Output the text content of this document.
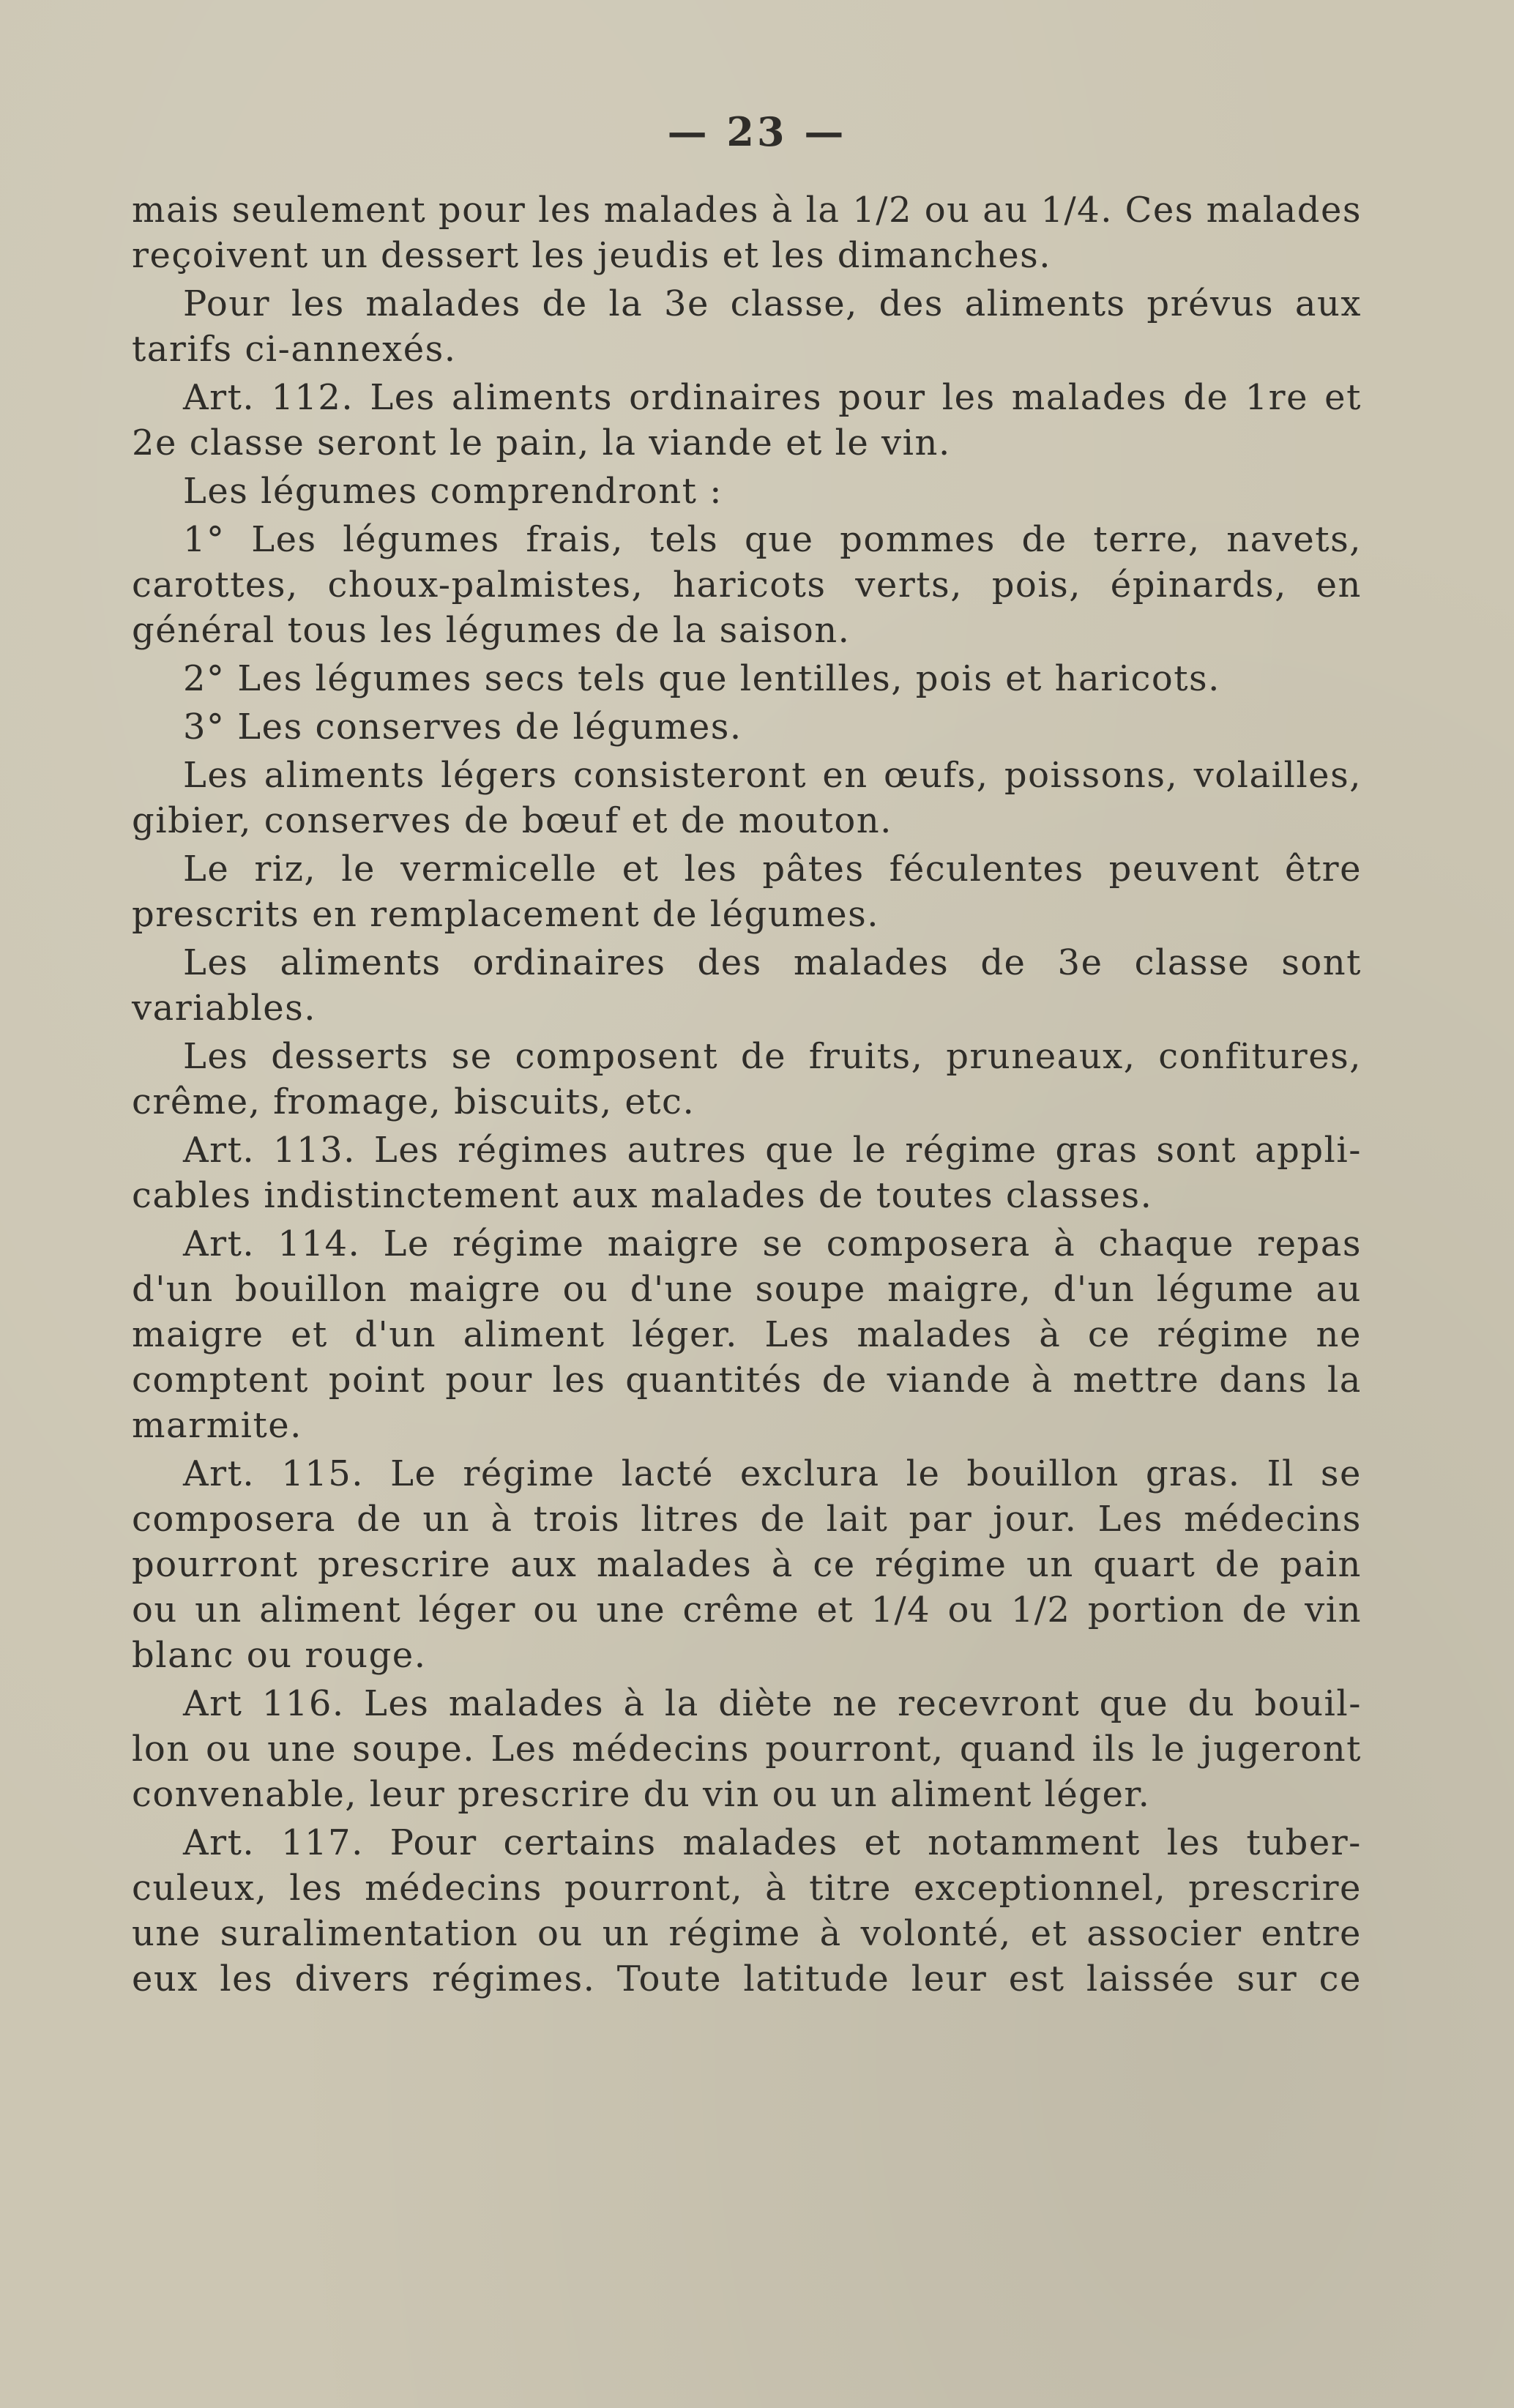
— 23 —
mais seulement pour les malades à la 1/2 ou au 1/4. Ces malades
reçoivent un dessert les jeudis et les dimanches.
Pour les malades de la 3e classe, des aliments prévus aux
tarifs ci-annexés.
Art. 112. Les aliments ordinaires pour les malades de 1re et
2e classe seront le pain, la viande et le vin.
Les légumes comprendront :
1° Les légumes frais, tels que pommes de terre, navets,
carottes, choux-palmistes, haricots verts, pois, épinards, en
général tous les légumes de la saison.
2° Les légumes secs tels que lentilles, pois et haricots.
3° Les conserves de légumes.
Les aliments légers consisteront en œufs, poissons, volailles,
gibier, conserves de bœuf et de mouton.
Le riz, le vermicelle et les pâtes féculentes peuvent être
prescrits en remplacement de légumes.
Les aliments ordinaires des malades de 3e classe sont
variables.
Les desserts se composent de fruits, pruneaux, confitures,
crême, fromage, biscuits, etc.
Art. 113. Les régimes autres que le régime gras sont appli-
cables indistinctement aux malades de toutes classes.
Art. 114. Le régime maigre se composera à chaque repas
d'un bouillon maigre ou d'une soupe maigre, d'un légume au
maigre et d'un aliment léger. Les malades à ce régime ne
comptent point pour les quantités de viande à mettre dans la
marmite.
Art. 115. Le régime lacté exclura le bouillon gras. Il se
composera de un à trois litres de lait par jour. Les médecins
pourront prescrire aux malades à ce régime un quart de pain
ou un aliment léger ou une crême et 1/4 ou 1/2 portion de vin
blanc ou rouge.
Art 116. Les malades à la diète ne recevront que du bouil-
lon ou une soupe. Les médecins pourront, quand ils le jugeront
convenable, leur prescrire du vin ou un aliment léger.
Art. 117. Pour certains malades et notamment les tuber-
culeux, les médecins pourront, à titre exceptionnel, prescrire
une suralimentation ou un régime à volonté, et associer entre
eux les divers régimes. Toute latitude leur est laissée sur ce
